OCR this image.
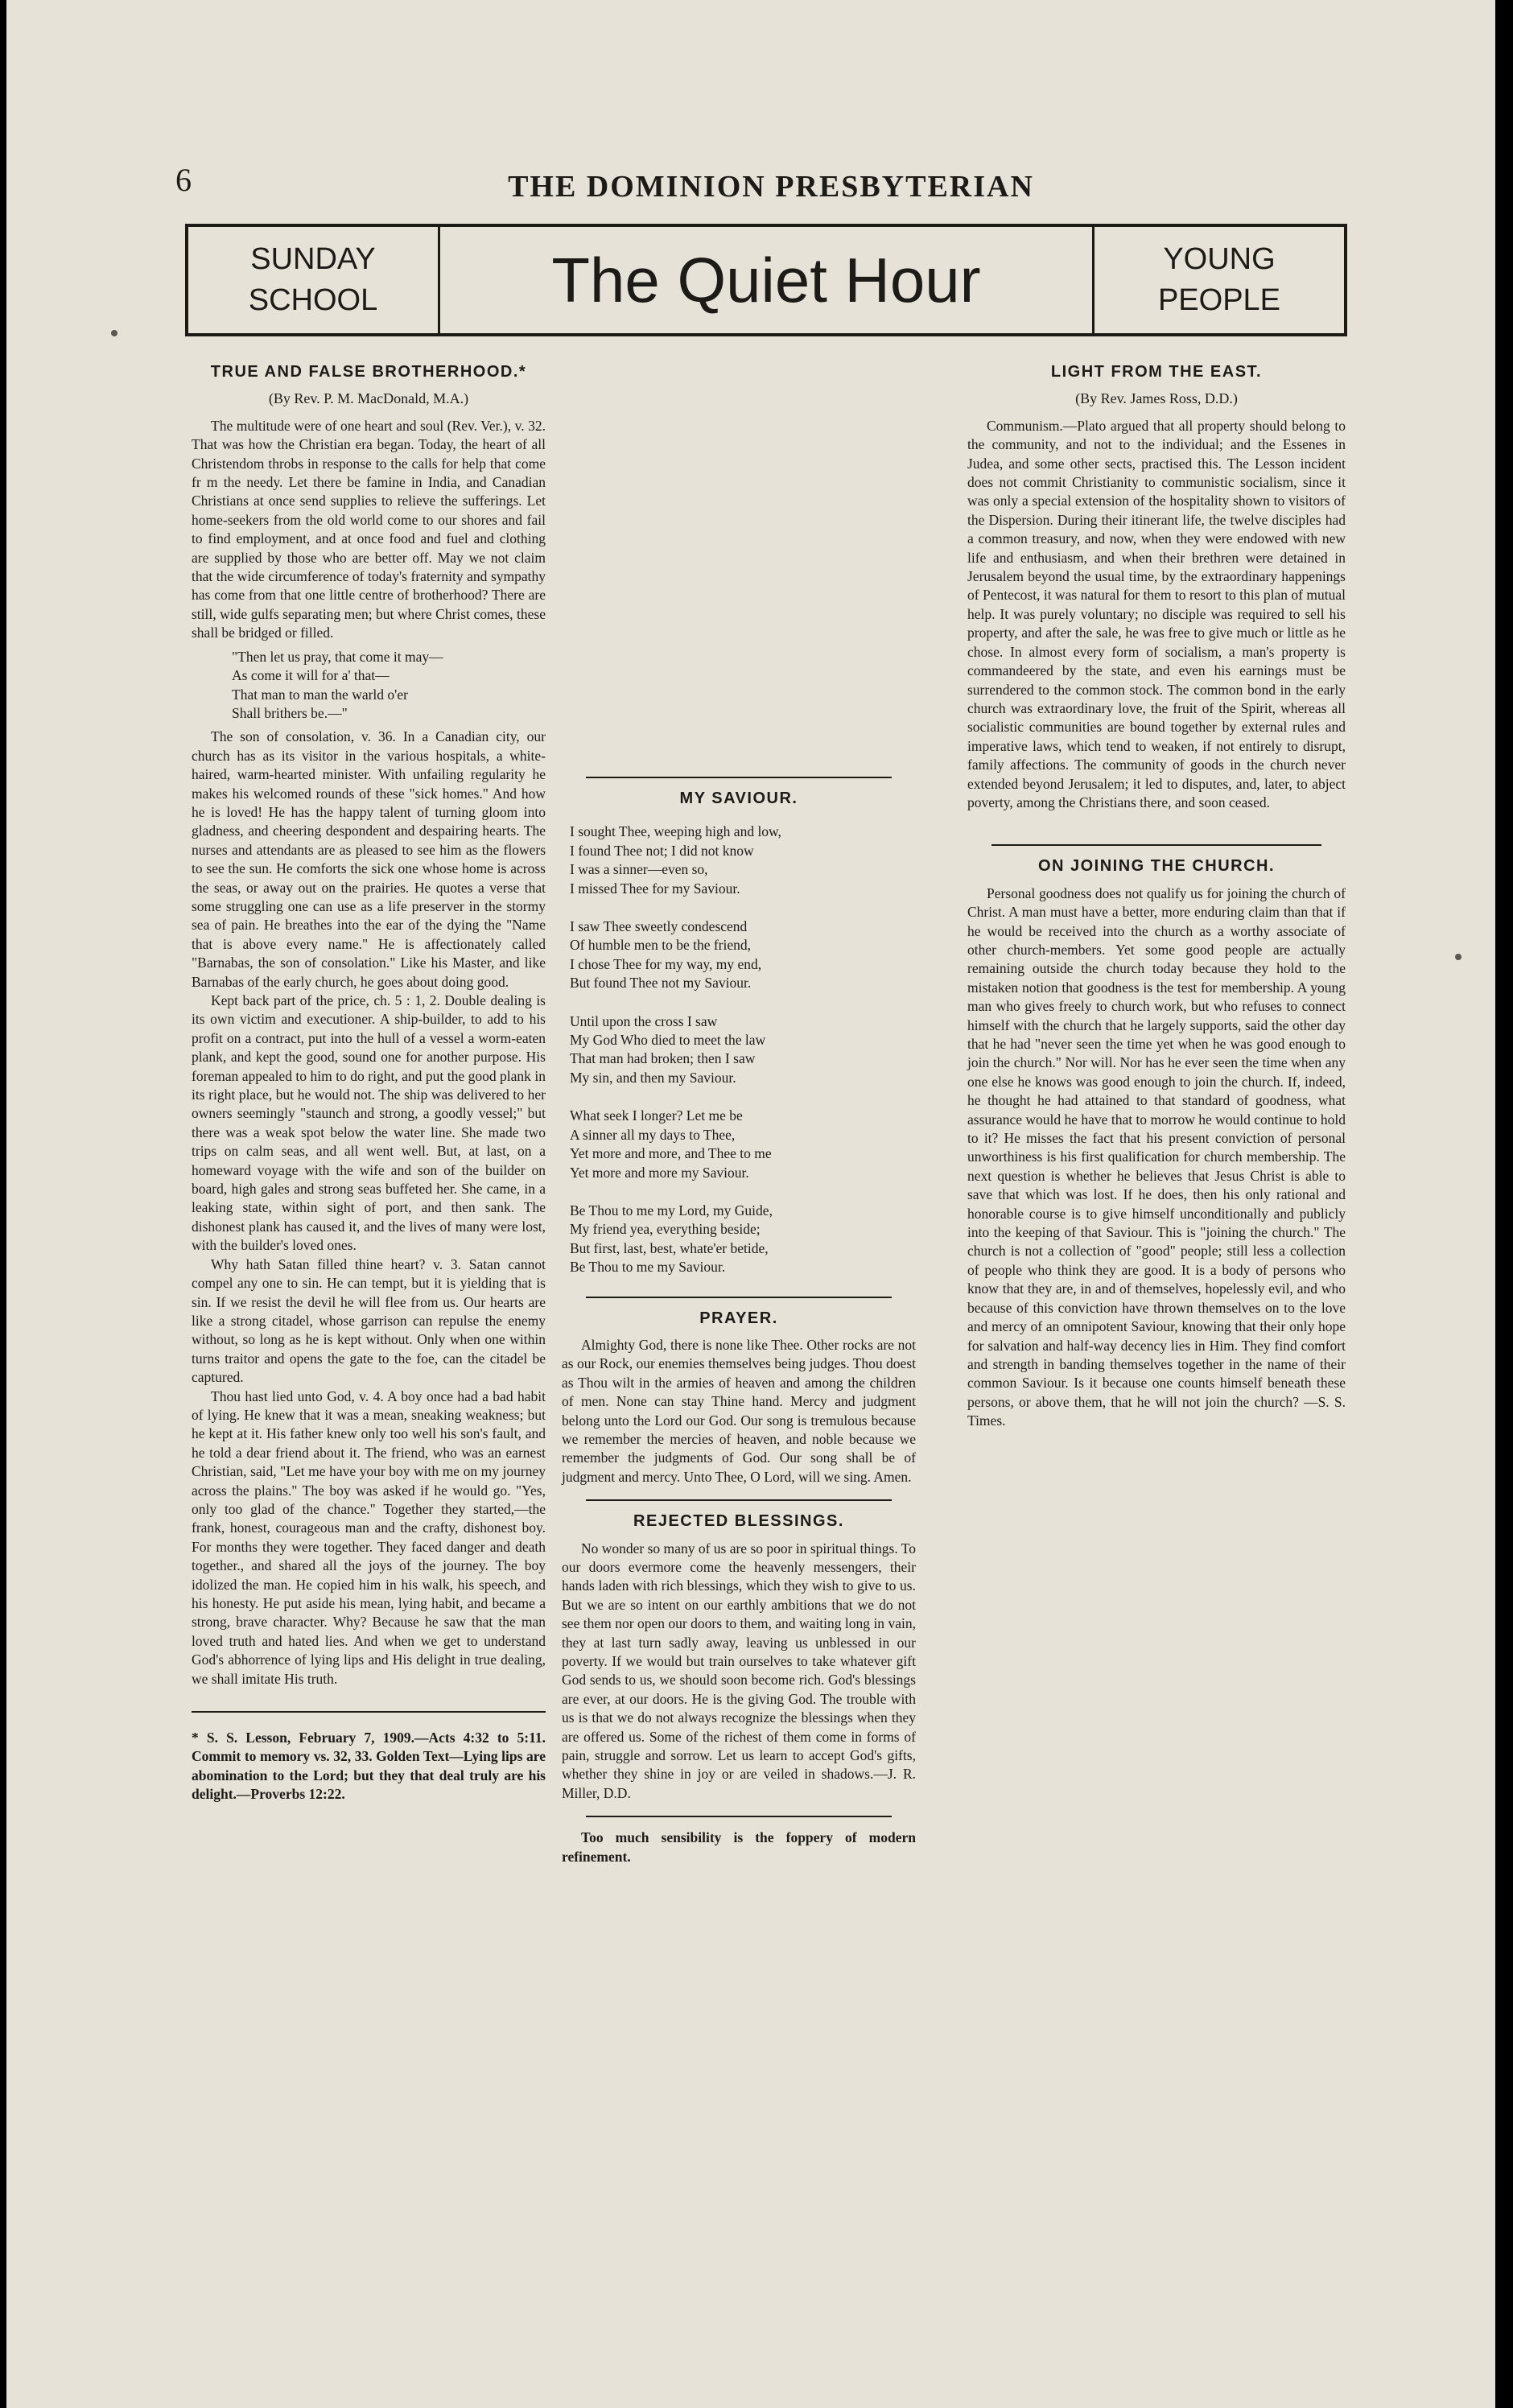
6	THE DOMINION PRESBYTERIAN
SUNDAY
SCHOOL	The Quiet Hour	YOUNG
PEOPLE
TRUE AND FALSE BROTHERHOOD.*
(By Rev. P. M. MacDonald, M.A.)

The multitude were of one heart and soul (Rev. Ver.), v. 32. That was how the Christian era began. Today, the heart of all Christendom throbs in response to the calls for help that come fr m the needy. Let there be famine in India, and Canadian Christians at once send supplies to relieve the sufferings. Let home-seekers from the old world come to our shores and fail to find employment, and at once food and fuel and clothing are supplied by those who are better off. May we not claim that the wide circumference of today's fraternity and sympathy has come from that one little centre of brotherhood? There are still, wide gulfs separating men; but where Christ comes, these shall be bridged or filled.

"Then let us pray, that come it may—
As come it will for a' that—
That man to man the warld o'er
Shall brithers be.—"

The son of consolation, v. 36. In a Canadian city, our church has as its visitor in the various hospitals, a white-haired, warm-hearted minister. With unfailing regularity he makes his welcomed rounds of these "sick homes." And how he is loved! He has the happy talent of turning gloom into gladness, and cheering despondent and despairing hearts. The nurses and attendants are as pleased to see him as the flowers to see the sun. He comforts the sick one whose home is across the seas, or away out on the prairies. He quotes a verse that some struggling one can use as a life preserver in the stormy sea of pain. He breathes into the ear of the dying the "Name that is above every name." He is affectionately called "Barnabas, the son of consolation." Like his Master, and like Barnabas of the early church, he goes about doing good.

Kept back part of the price, ch. 5 : 1, 2. Double dealing is its own victim and executioner. A ship-builder, to add to his profit on a contract, put into the hull of a vessel a worm-eaten plank, and kept the good, sound one for another purpose. His foreman appealed to him to do right, and put the good plank in its right place, but he would not. The ship was delivered to her owners seemingly "staunch and strong, a goodly vessel;" but there was a weak spot below the water line. She made two trips on calm seas, and all went well. But, at last, on a homeward voyage with the wife and son of the builder on board, high gales and strong seas buffeted her. She came, in a leaking state, within sight of port, and then sank. The dishonest plank has caused it, and the lives of many were lost, with the builder's loved ones.

Why hath Satan filled thine heart? v. 3. Satan cannot compel any one to sin. He can tempt, but it is yielding that is sin. If we resist the devil he will flee from us. Our hearts are like a strong citadel, whose garrison can repulse the enemy without, so long as he is kept without. Only when one within turns traitor and opens the gate to the foe, can the citadel be captured.

Thou hast lied unto God, v. 4. A boy once had a bad habit of lying. He knew that it was a mean, sneaking weakness; but he kept at it. His father knew only too well his son's fault, and he told a dear friend about it. The friend, who was an earnest Christian, said, "Let me have your boy with me on my journey across the plains." The boy was asked if he would go. "Yes, only too glad of the chance." Together they started,—the frank, honest, courageous man and the crafty, dishonest boy. For months they were together. They faced danger and death together., and shared all the joys of the journey. The boy idolized the man. He copied him in his walk, his speech, and his honesty. He put aside his mean, lying habit, and became a strong, brave character. Why? Because he saw that the man loved truth and hated lies. And when we get to understand God's abhorrence of lying lips and His delight in true dealing, we shall imitate His truth.

* S. S. Lesson, February 7, 1909.—Acts 4:32 to 5:11. Commit to memory vs. 32, 33. Golden Text—Lying lips are abomination to the Lord; but they that deal truly are his delight.—Proverbs 12:22.

MY SAVIOUR.
I sought Thee, weeping high and low,
I found Thee not; I did not know
I was a sinner—even so,
I missed Thee for my Saviour.
I saw Thee sweetly condescend
Of humble men to be the friend,
I chose Thee for my way, my end,
But found Thee not my Saviour.
Until upon the cross I saw
My God Who died to meet the law
That man had broken; then I saw
My sin, and then my Saviour.
What seek I longer? Let me be
A sinner all my days to Thee,
Yet more and more, and Thee to me
Yet more and more my Saviour.
Be Thou to me my Lord, my Guide,
My friend yea, everything beside;
But first, last, best, whate'er betide,
Be Thou to me my Saviour.
PRAYER.

Almighty God, there is none like Thee. Other rocks are not as our Rock, our enemies themselves being judges. Thou doest as Thou wilt in the armies of heaven and among the children of men. None can stay Thine hand. Mercy and judgment belong unto the Lord our God. Our song is tremulous because we remember the mercies of heaven, and noble because we remember the judgments of God. Our song shall be of judgment and mercy. Unto Thee, O Lord, will we sing. Amen.

REJECTED BLESSINGS.

No wonder so many of us are so poor in spiritual things. To our doors evermore come the heavenly messengers, their hands laden with rich blessings, which they wish to give to us. But we are so intent on our earthly ambitions that we do not see them nor open our doors to them, and waiting long in vain, they at last turn sadly away, leaving us unblessed in our poverty. If we would but train ourselves to take whatever gift God sends to us, we should soon become rich. God's blessings are ever, at our doors. He is the giving God. The trouble with us is that we do not always recognize the blessings when they are offered us. Some of the richest of them come in forms of pain, struggle and sorrow. Let us learn to accept God's gifts, whether they shine in joy or are veiled in shadows.—J. R. Miller, D.D.

Too much sensibility is the foppery of modern refinement.

LIGHT FROM THE EAST.
(By Rev. James Ross, D.D.)

Communism.—Plato argued that all property should belong to the community, and not to the individual; and the Essenes in Judea, and some other sects, practised this. The Lesson incident does not commit Christianity to communistic socialism, since it was only a special extension of the hospitality shown to visitors of the Dispersion. During their itinerant life, the twelve disciples had a common treasury, and now, when they were endowed with new life and enthusiasm, and when their brethren were detained in Jerusalem beyond the usual time, by the extraordinary happenings of Pentecost, it was natural for them to resort to this plan of mutual help. It was purely voluntary; no disciple was required to sell his property, and after the sale, he was free to give much or little as he chose. In almost every form of socialism, a man's property is commandeered by the state, and even his earnings must be surrendered to the common stock. The common bond in the early church was extraordinary love, the fruit of the Spirit, whereas all socialistic communities are bound together by external rules and imperative laws, which tend to weaken, if not entirely to disrupt, family affections. The community of goods in the church never extended beyond Jerusalem; it led to disputes, and, later, to abject poverty, among the Christians there, and soon ceased.

ON JOINING THE CHURCH.

Personal goodness does not qualify us for joining the church of Christ. A man must have a better, more enduring claim than that if he would be received into the church as a worthy associate of other church-members. Yet some good people are actually remaining outside the church today because they hold to the mistaken notion that goodness is the test for membership. A young man who gives freely to church work, but who refuses to connect himself with the church that he largely supports, said the other day that he had "never seen the time yet when he was good enough to join the church." Nor will. Nor has he ever seen the time when any one else he knows was good enough to join the church. If, indeed, he thought he had attained to that standard of goodness, what assurance would he have that to morrow he would continue to hold to it? He misses the fact that his present conviction of personal unworthiness is his first qualification for church membership. The next question is whether he believes that Jesus Christ is able to save that which was lost. If he does, then his only rational and honorable course is to give himself unconditionally and publicly into the keeping of that Saviour. This is "joining the church." The church is not a collection of "good" people; still less a collection of people who think they are good. It is a body of persons who know that they are, in and of themselves, hopelessly evil, and who because of this conviction have thrown themselves on to the love and mercy of an omnipotent Saviour, knowing that their only hope for salvation and half-way decency lies in Him. They find comfort and strength in banding themselves together in the name of their common Saviour. Is it because one counts himself beneath these persons, or above them, that he will not join the church? —S. S. Times.
